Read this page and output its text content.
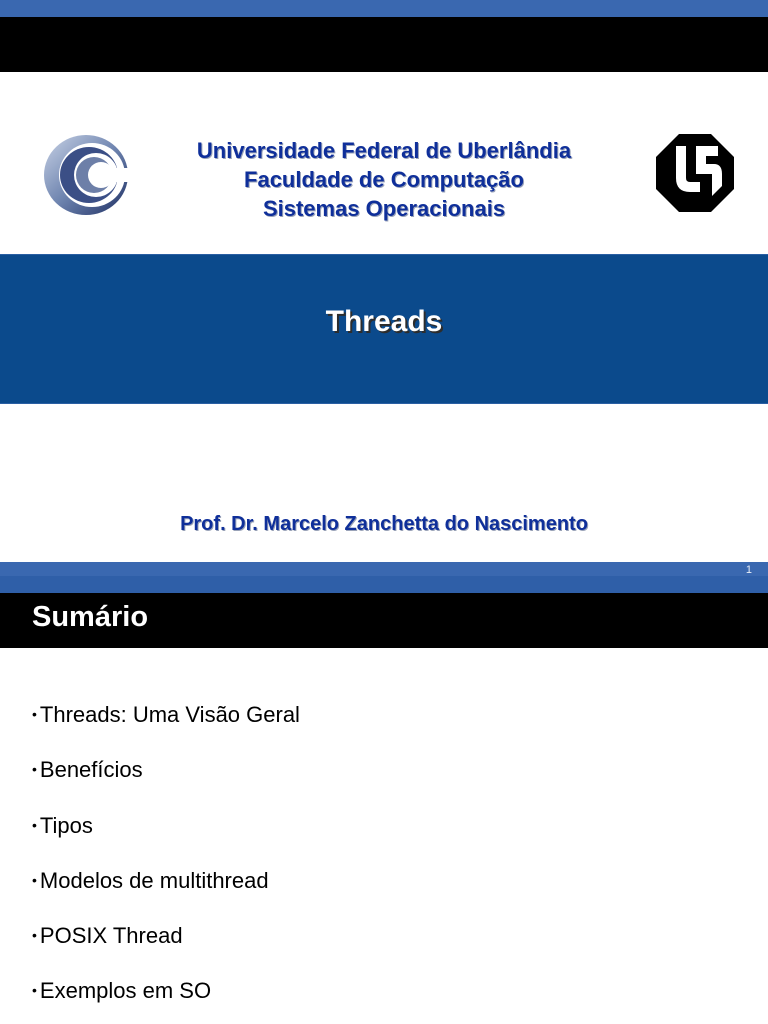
Universidade Federal de Uberlândia
Faculdade de Computação
Sistemas Operacionais
Threads
Prof. Dr. Marcelo Zanchetta do Nascimento
1
Sumário
• Threads: Uma Visão Geral
• Benefícios
• Tipos
• Modelos de multithread
• POSIX Thread
• Exemplos em SO
